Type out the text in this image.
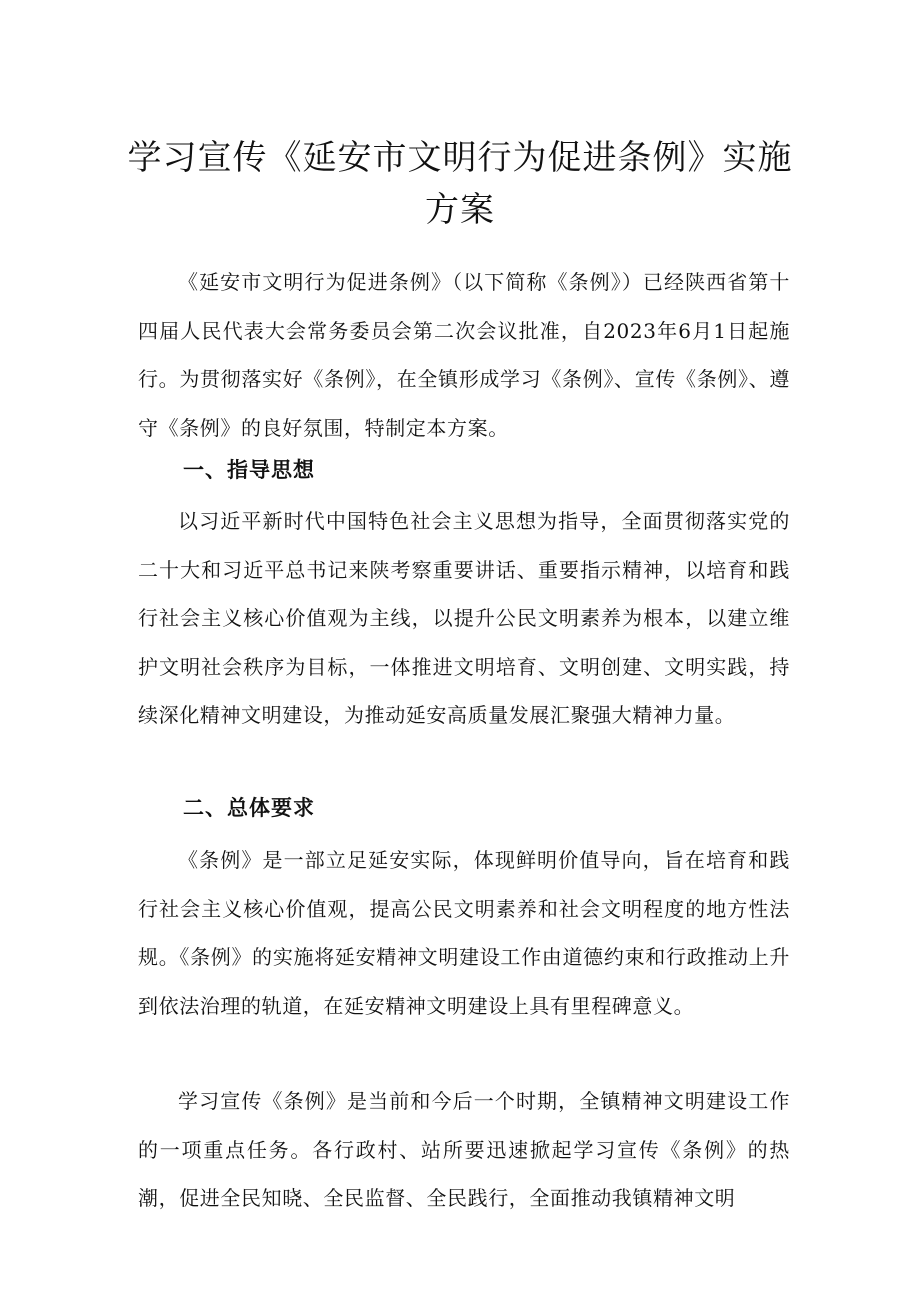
学习宣传《延安市文明行为促进条例》实施方案

《延安市文明行为促进条例》（以下简称《条例》）已经陕西省第十四届人民代表大会常务委员会第二次会议批准，自2023年6月1日起施行。为贯彻落实好《条例》，在全镇形成学习《条例》、宣传《条例》、遵守《条例》的良好氛围，特制定本方案。

一、指导思想

以习近平新时代中国特色社会主义思想为指导，全面贯彻落实党的二十大和习近平总书记来陕考察重要讲话、重要指示精神，以培育和践行社会主义核心价值观为主线，以提升公民文明素养为根本，以建立维护文明社会秩序为目标，一体推进文明培育、文明创建、文明实践，持续深化精神文明建设，为推动延安高质量发展汇聚强大精神力量。

二、总体要求

《条例》是一部立足延安实际，体现鲜明价值导向，旨在培育和践行社会主义核心价值观，提高公民文明素养和社会文明程度的地方性法规。《条例》的实施将延安精神文明建设工作由道德约束和行政推动上升到依法治理的轨道，在延安精神文明建设上具有里程碑意义。

学习宣传《条例》是当前和今后一个时期，全镇精神文明建设工作的一项重点任务。各行政村、站所要迅速掀起学习宣传《条例》的热潮，促进全民知晓、全民监督、全民践行，全面推动我镇精神文明
